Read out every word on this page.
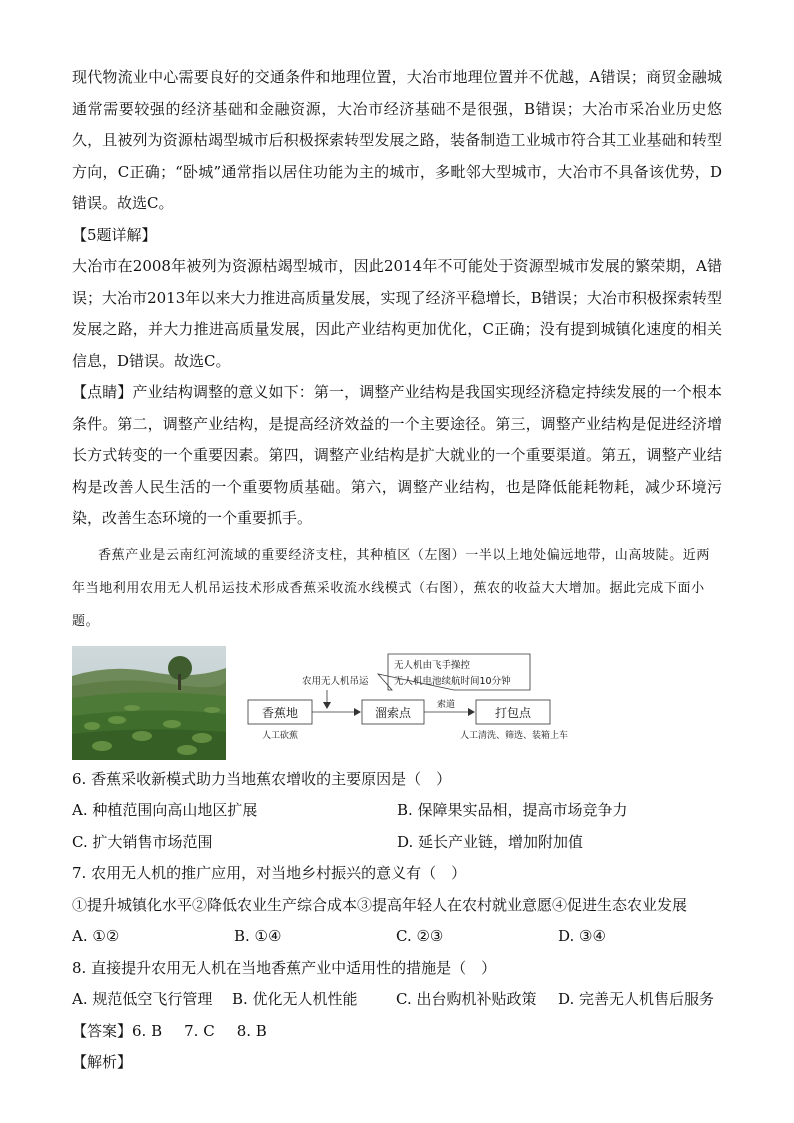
现代物流业中心需要良好的交通条件和地理位置，大冶市地理位置并不优越，A错误；商贸金融城通常需要较强的经济基础和金融资源，大冶市经济基础不是很强，B错误；大冶市采冶业历史悠久，且被列为资源枯竭型城市后积极探索转型发展之路，装备制造工业城市符合其工业基础和转型方向，C正确；“卧城”通常指以居住功能为主的城市，多毗邻大型城市，大冶市不具备该优势，D错误。故选C。

【5题详解】

大冶市在2008年被列为资源枯竭型城市，因此2014年不可能处于资源型城市发展的繁荣期，A错误；大冶市2013年以来大力推进高质量发展，实现了经济平稳增长，B错误；大冶市积极探索转型发展之路，并大力推进高质量发展，因此产业结构更加优化，C正确；没有提到城镇化速度的相关信息，D错误。故选C。

【点睛】产业结构调整的意义如下：第一，调整产业结构是我国实现经济稳定持续发展的一个根本条件。第二，调整产业结构，是提高经济效益的一个主要途径。第三，调整产业结构是促进经济增长方式转变的一个重要因素。第四，调整产业结构是扩大就业的一个重要渠道。第五，调整产业结构是改善人民生活的一个重要物质基础。第六，调整产业结构，也是降低能耗物耗，减少环境污染，改善生态环境的一个重要抓手。

香蕉产业是云南红河流域的重要经济支柱，其种植区（左图）一半以上地处偏远地带，山高坡陡。近两年当地利用农用无人机吊运技术形成香蕉采收流水线模式（右图），蕉农的收益大大增加。据此完成下面小题。

无人机由飞手操控
无人机电池续航时间10分钟
农用无人机吊运
香蕉地
人工砍蕉
溜索点
索道
打包点
人工清洗、筛选、装箱上车

6. 香蕉采收新模式助力当地蕉农增收的主要原因是（　）

A. 种植范围向高山地区扩展	B. 保障果实品相，提高市场竞争力
C. 扩大销售市场范围	D. 延长产业链，增加附加值

7. 农用无人机的推广应用，对当地乡村振兴的意义有（　）

①提升城镇化水平②降低农业生产综合成本③提高年轻人在农村就业意愿④促进生态农业发展

A. ①②	B. ①④	C. ②③	D. ③④

8. 直接提升农用无人机在当地香蕉产业中适用性的措施是（　）

A. 规范低空飞行管理	B. 优化无人机性能	C. 出台购机补贴政策	D. 完善无人机售后服务

【答案】6. B 7. C 8. B

【解析】
